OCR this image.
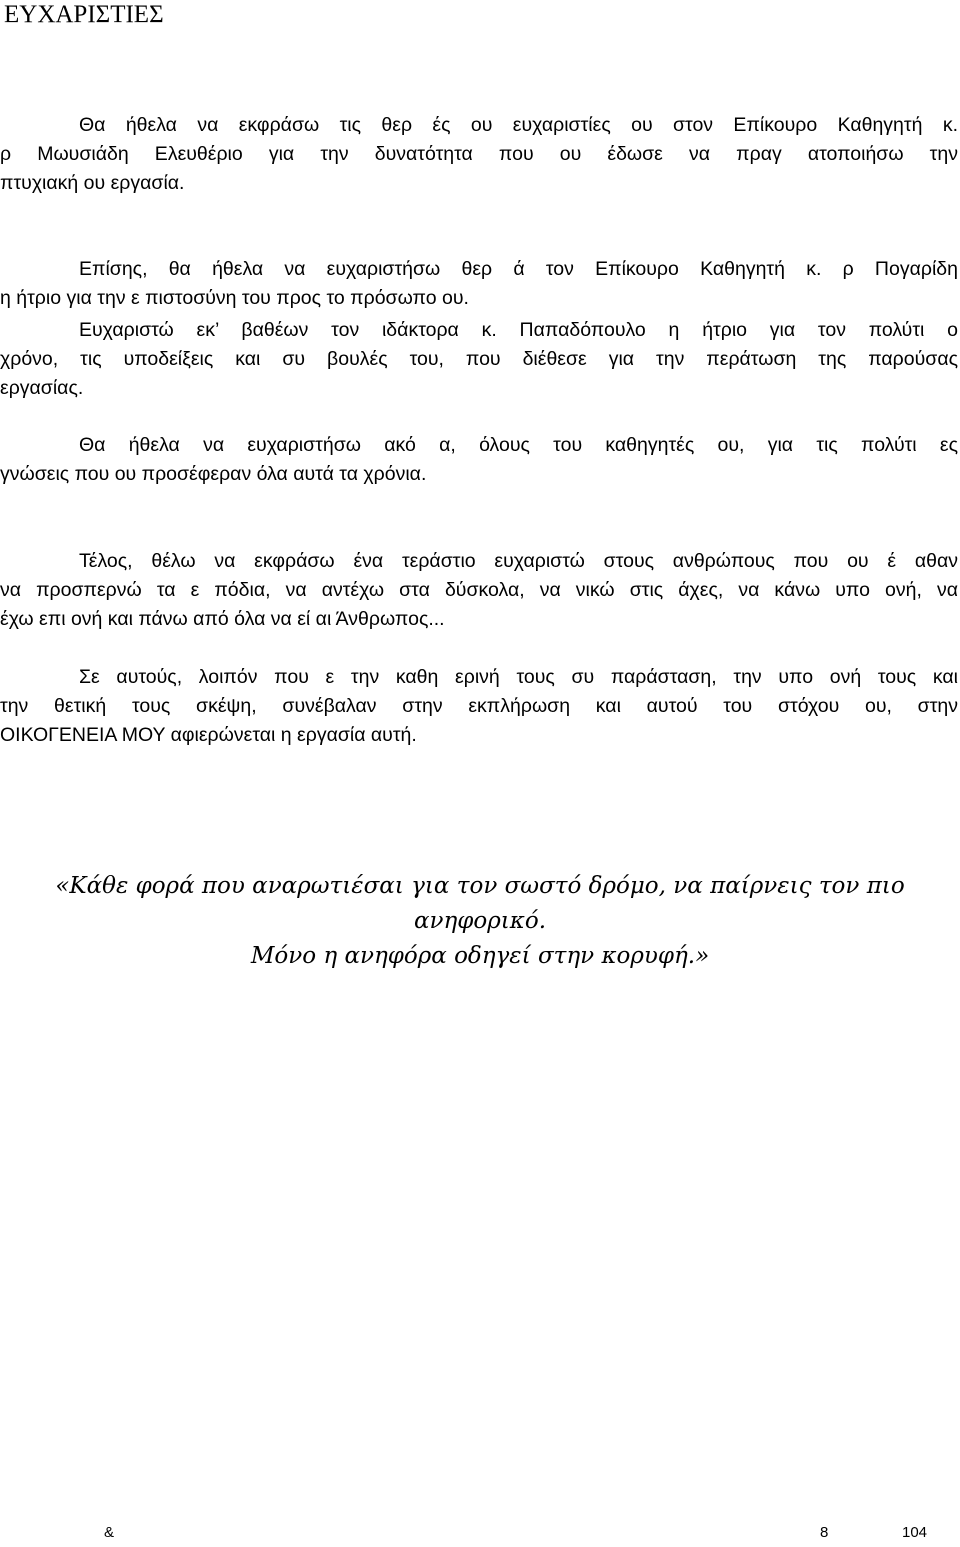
ΕΥΧΑΡΙΣΤΙΕΣ
Θα ήθελα να εκφράσω τις θερ ές ου ευχαριστίες ου στον Επίκουρο Καθηγητή κ.
ρ Μωυσιάδη Ελευθέριο για την δυνατότητα που ου έδωσε να πραγ ατοποιήσω την
πτυχιακή ου εργασία.
Επίσης, θα ήθελα να ευχαριστήσω θερ ά τον Επίκουρο Καθηγητή κ. ρ Πογαρίδη
η ήτριο για την ε πιστοσύνη του προς το πρόσωπο ου.
Ευχαριστώ εκ’ βαθέων τον ιδάκτορα κ. Παπαδόπουλο η ήτριο για τον πολύτι ο
χρόνο, τις υποδείξεις και συ βουλές του, που διέθεσε για την περάτωση της παρούσας
εργασίας.
Θα ήθελα να ευχαριστήσω ακό α, όλους του καθηγητές ου, για τις πολύτι ες
γνώσεις που ου προσέφεραν όλα αυτά τα χρόνια.
Τέλος, θέλω να εκφράσω ένα τεράστιο ευχαριστώ στους ανθρώπους που ου έ αθαν
να προσπερνώ τα ε πόδια, να αντέχω στα δύσκολα, να νικώ στις άχες, να κάνω υπο ονή, να
έχω επι ονή και πάνω από όλα να εί αι Άνθρωπος...
Σε αυτούς, λοιπόν που ε την καθη ερινή τους συ παράσταση, την υπο ονή τους και
την θετική τους σκέψη, συνέβαλαν στην εκπλήρωση και αυτού του στόχου ου, στην
ΟΙΚΟΓΕΝΕΙΑ ΜΟΥ αφιερώνεται η εργασία αυτή.
«Κάθε φορά που αναρωτιέσαι για τον σωστό δρόμο, να παίρνεις τον πιο
ανηφορικό.
Μόνο η ανηφόρα οδηγεί στην κορυφή.»
&	8	104
